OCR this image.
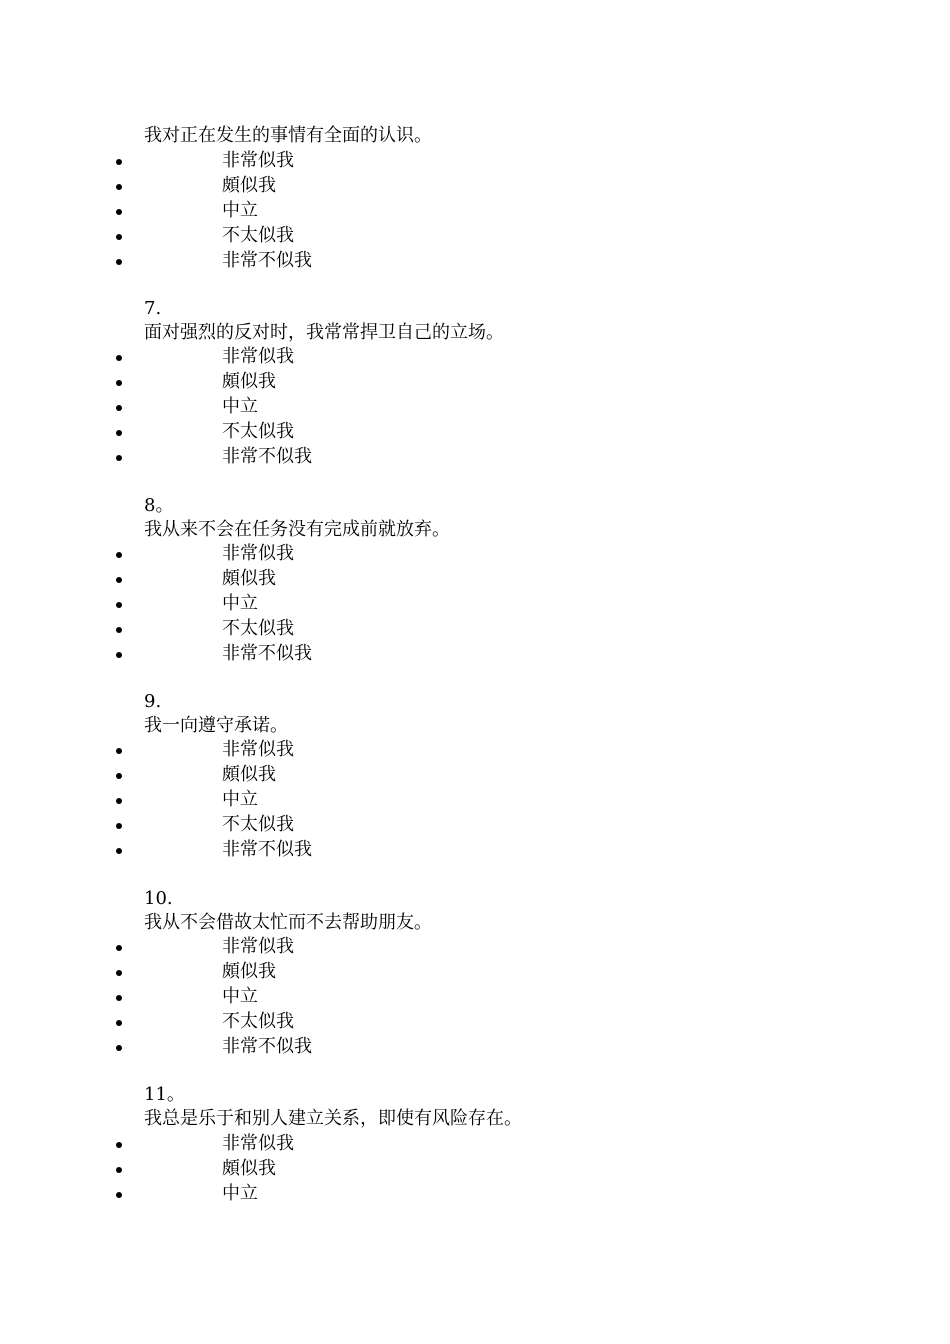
我对正在发生的事情有全面的认识。
非常似我
頗似我
中立
不太似我
非常不似我
7.
面对强烈的反对时，我常常捍卫自己的立场。
非常似我
頗似我
中立
不太似我
非常不似我
8。
我从来不会在任务没有完成前就放弃。
非常似我
頗似我
中立
不太似我
非常不似我
9.
我一向遵守承诺。
非常似我
頗似我
中立
不太似我
非常不似我
10.
我从不会借故太忙而不去帮助朋友。
非常似我
頗似我
中立
不太似我
非常不似我
11。
我总是乐于和别人建立关系，即使有风险存在。
非常似我
頗似我
中立
